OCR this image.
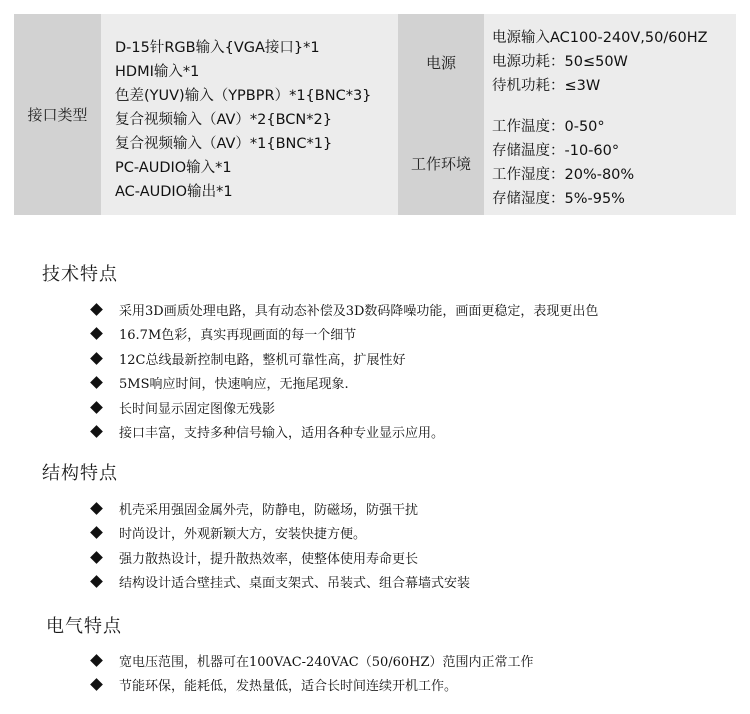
接口类型
D-15针RGB输入{VGA接口}*1
HDMI输入*1
色差(YUV)输入（YPBPR）*1{BNC*3}
复合视频输入（AV）*2{BCN*2}
复合视频输入（AV）*1{BNC*1}
PC-AUDIO输入*1
AC-AUDIO输出*1
电源
工作环境
电源输入AC100-240V,50/60HZ
电源功耗：50≤50W
待机功耗：≤3W
工作温度：0-50°
存储温度：-10-60°
工作湿度：20%-80%
存储湿度：5%-95%
技术特点
采用3D画质处理电路，具有动态补偿及3D数码降噪功能，画面更稳定，表现更出色
16.7M色彩，真实再现画面的每一个细节
12C总线最新控制电路，整机可靠性高，扩展性好
5MS响应时间，快速响应，无拖尾现象.
长时间显示固定图像无残影
接口丰富，支持多种信号输入，适用各种专业显示应用。
结构特点
机壳采用强固金属外壳，防静电，防磁场，防强干扰
时尚设计，外观新颖大方，安装快捷方便。
强力散热设计，提升散热效率，使整体使用寿命更长
结构设计适合壁挂式、桌面支架式、吊装式、组合幕墙式安装
电气特点
宽电压范围，机器可在100VAC-240VAC（50/60HZ）范围内正常工作
节能环保，能耗低，发热量低，适合长时间连续开机工作。
